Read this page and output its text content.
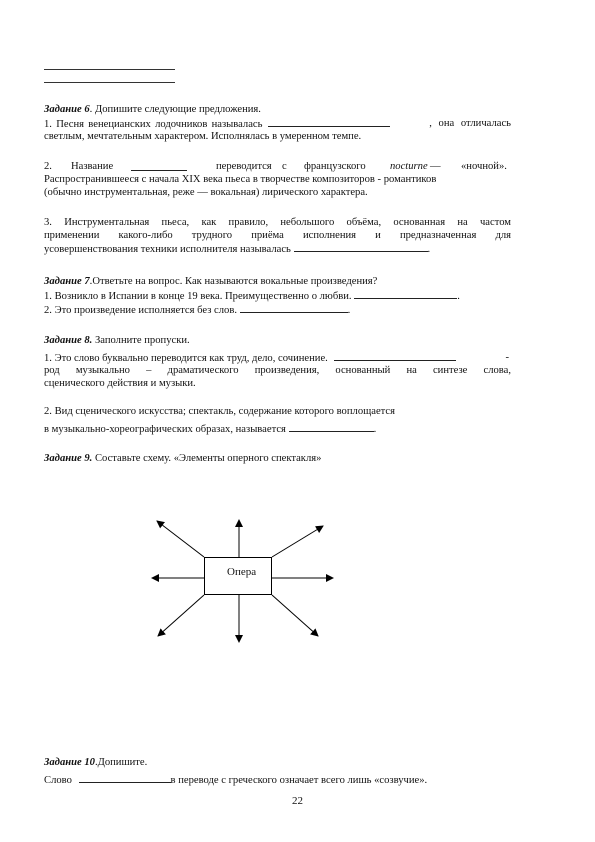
Задание 6. Допишите следующие предложения.
1. Песня венецианских лодочников называлась	, она отличалась
светлым, мечтательным характером. Исполнялась в умеренном темпе.
2. Название	переводится с французского nocturne — «ночной».
Распространившееся с начала XIX века пьеса в творчестве композиторов - романтиков
(обычно инструментальная, реже — вокальная) лирического характера.
3. Инструментальная пьеса, как правило, небольшого объёма, основанная на частом
применении какого-либо трудного приёма исполнения и предназначенная для
усовершенствования техники исполнителя называлась	.
Задание 7.Ответьте на вопрос. Как называются вокальные произведения?
1. Возникло в Испании в конце 19 века. Преимущественно о любви.	.
2. Это произведение исполняется без слов.	.
Задание 8. Заполните пропуски.
1. Это слово буквально переводится как труд, дело, сочинение.	-
род музыкально – драматического произведения, основанный на синтезе слова,
сценического действия и музыки.
2. Вид сценического искусства; спектакль, содержание которого воплощается
в музыкально-хореографических образах, называется	.
Задание 9. Составьте схему. «Элементы оперного спектакля»
Опера
Задание 10.Допишите.
Слово	в переводе с греческого означает всего лишь «созвучие».
22
